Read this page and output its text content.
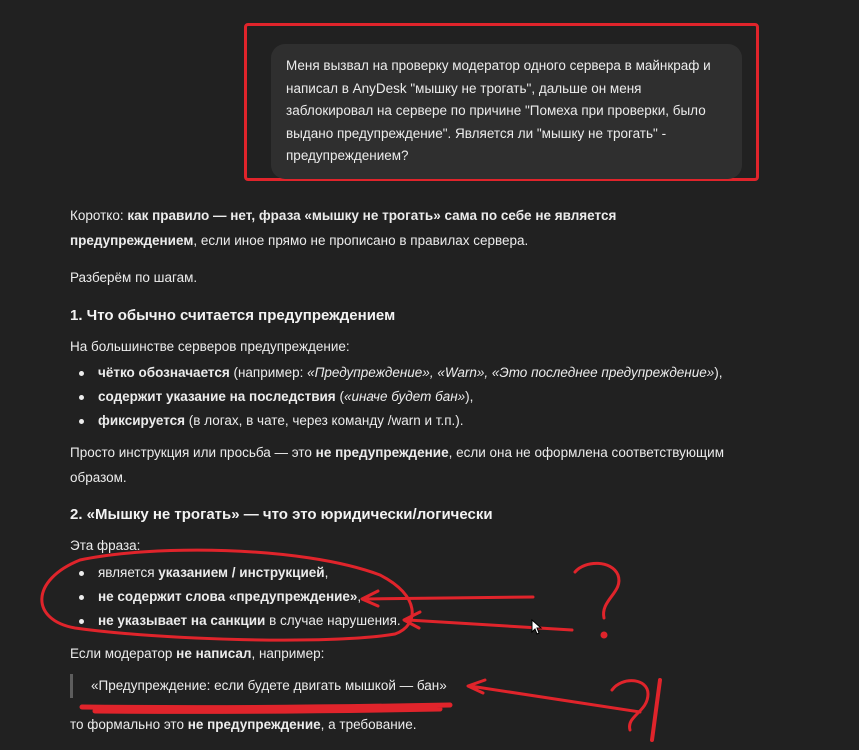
Меня вызвал на проверку модератор одного сервера в майнкраф и
написал в AnyDesk "мышку не трогать", дальше он меня
заблокировал на сервере по причине "Помеха при проверки, было
выдано предупреждение". Является ли "мышку не трогать" -
предупреждением?
Коротко: как правило — нет, фраза «мышку не трогать» сама по себе не является
предупреждением, если иное прямо не прописано в правилах сервера.
Разберём по шагам.
1. Что обычно считается предупреждением
На большинстве серверов предупреждение:
чётко обозначается (например: «Предупреждение», «Warn», «Это последнее предупреждение»),
содержит указание на последствия («иначе будет бан»),
фиксируется (в логах, в чате, через команду /warn и т.п.).
Просто инструкция или просьба — это не предупреждение, если она не оформлена соответствующим
образом.
2. «Мышку не трогать» — что это юридически/логически
Эта фраза:
является указанием / инструкцией,
не содержит слова «предупреждение»,
не указывает на санкции в случае нарушения.
Если модератор не написал, например:
«Предупреждение: если будете двигать мышкой — бан»
то формально это не предупреждение, а требование.
